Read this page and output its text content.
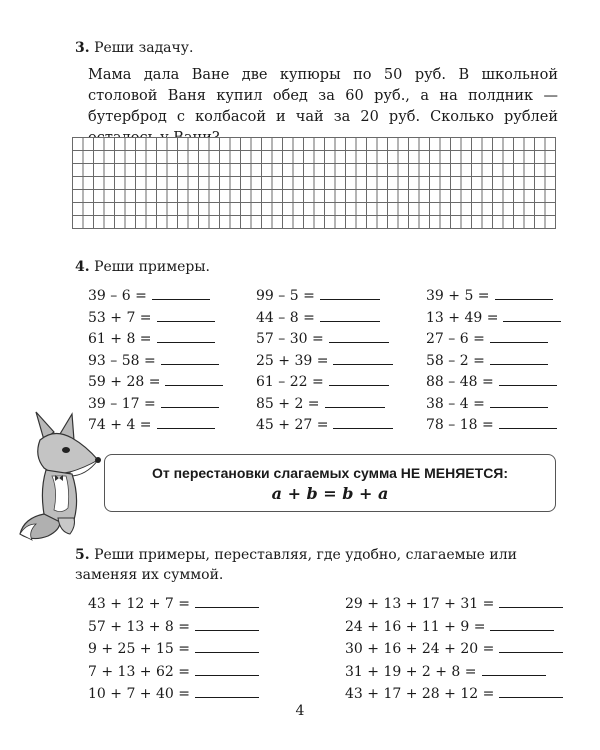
3. Реши задачу.
Мама дала Ване две купюры по 50 руб. В школьной столовой Ваня купил обед за 60 руб., а на полдник — бутерброд с колбасой и чай за 20 руб. Сколько рублей
4. Реши примеры.
39 – 6 =
53 + 7 =
61 + 8 =
93 – 58 =
59 + 28 =
39 – 17 =
74 + 4 =
99 – 5 =
44 – 8 =
57 – 30 =
25 + 39 =
61 – 22 =
85 + 2 =
45 + 27 =
39 + 5 =
13 + 49 =
27 – 6 =
58 – 2 =
88 – 48 =
38 – 4 =
78 – 18 =
От перестановки слагаемых сумма НЕ МЕНЯЕТСЯ:
a + b = b + a
5. Реши примеры, переставляя, где удобно, слагаемые или заменяя их суммой.
43 + 12 + 7 =
57 + 13 + 8 =
9 + 25 + 15 =
7 + 13 + 62 =
10 + 7 + 40 =
29 + 13 + 17 + 31 =
24 + 16 + 11 + 9 =
30 + 16 + 24 + 20 =
31 + 19 + 2 + 8 =
43 + 17 + 28 + 12 =
4
